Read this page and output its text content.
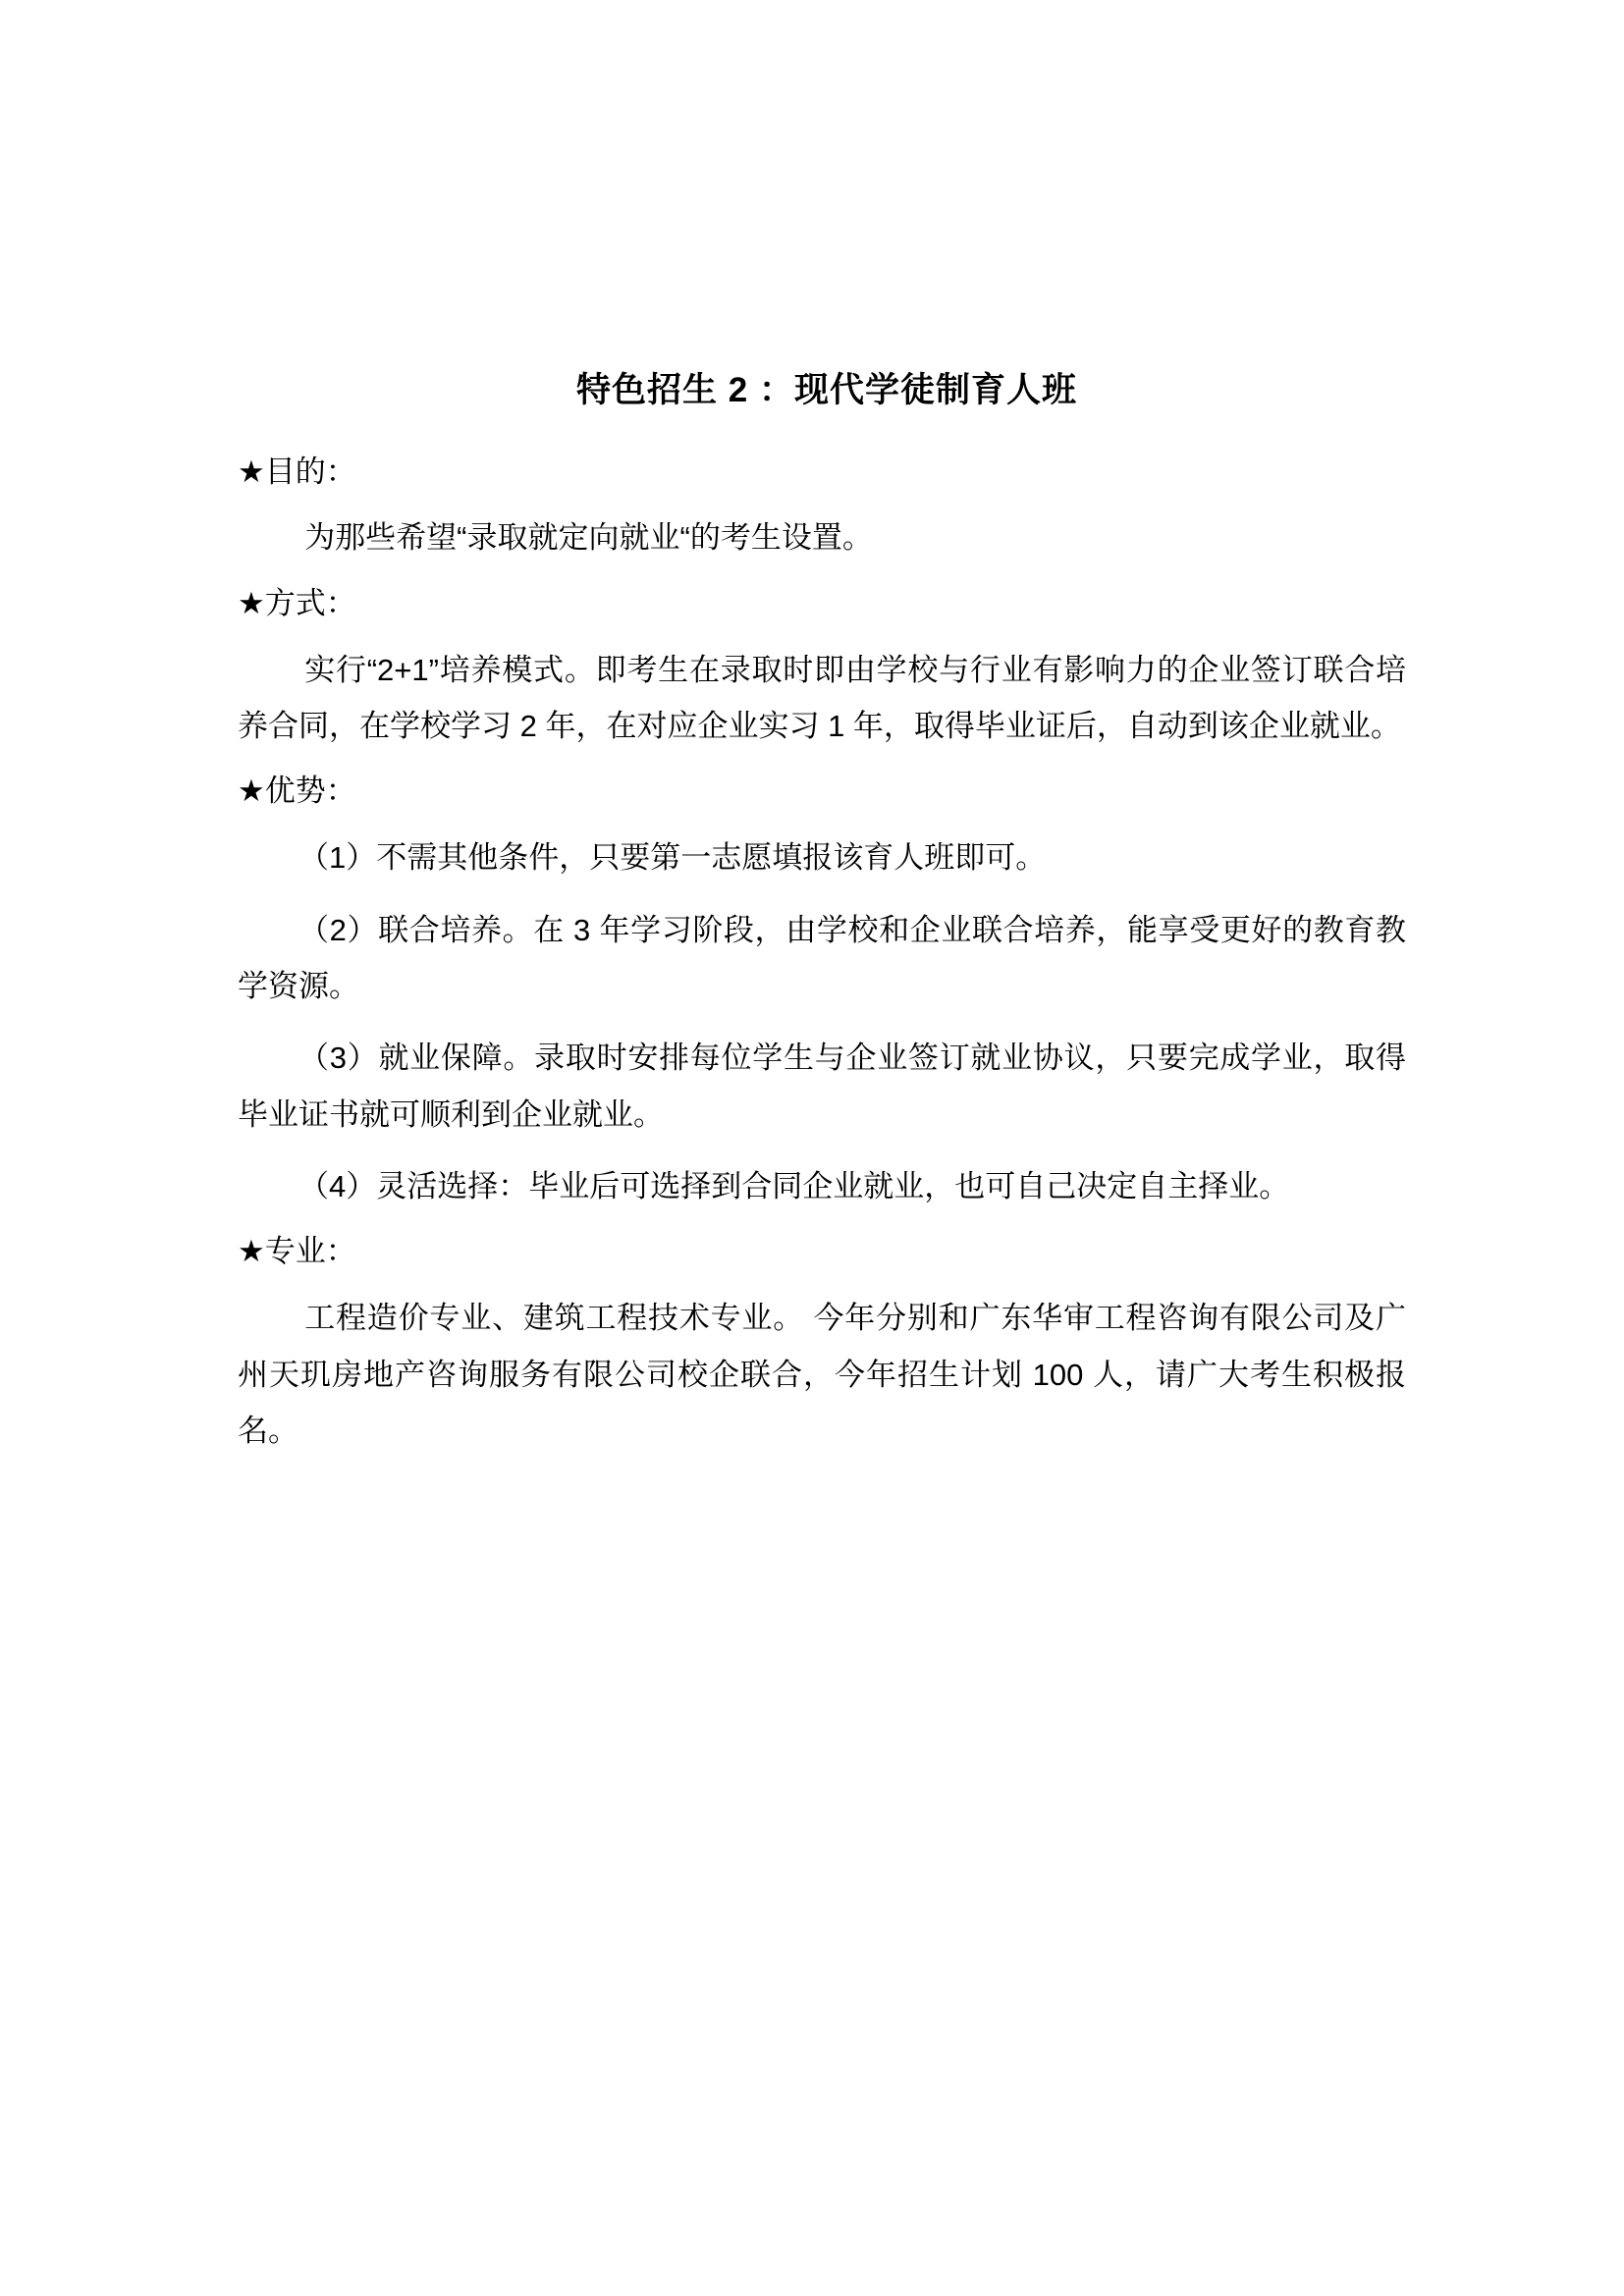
特色招生 2 ：现代学徒制育人班
★目的：

为那些希望“录取就定向就业“的考生设置。

★方式：

实行“2+1”培养模式。即考生在录取时即由学校与行业有影响力的企业签订联合培养合同，在学校学习 2 年，在对应企业实习 1 年，取得毕业证后，自动到该企业就业。

★优势：

（1）不需其他条件，只要第一志愿填报该育人班即可。

（2）联合培养。在 3 年学习阶段，由学校和企业联合培养，能享受更好的教育教学资源。

（3）就业保障。录取时安排每位学生与企业签订就业协议，只要完成学业，取得毕业证书就可顺利到企业就业。

（4）灵活选择：毕业后可选择到合同企业就业，也可自己决定自主择业。

★专业：

工程造价专业、建筑工程技术专业。 今年分别和广东华审工程咨询有限公司及广州天玑房地产咨询服务有限公司校企联合，今年招生计划 100 人，请广大考生积极报名。
